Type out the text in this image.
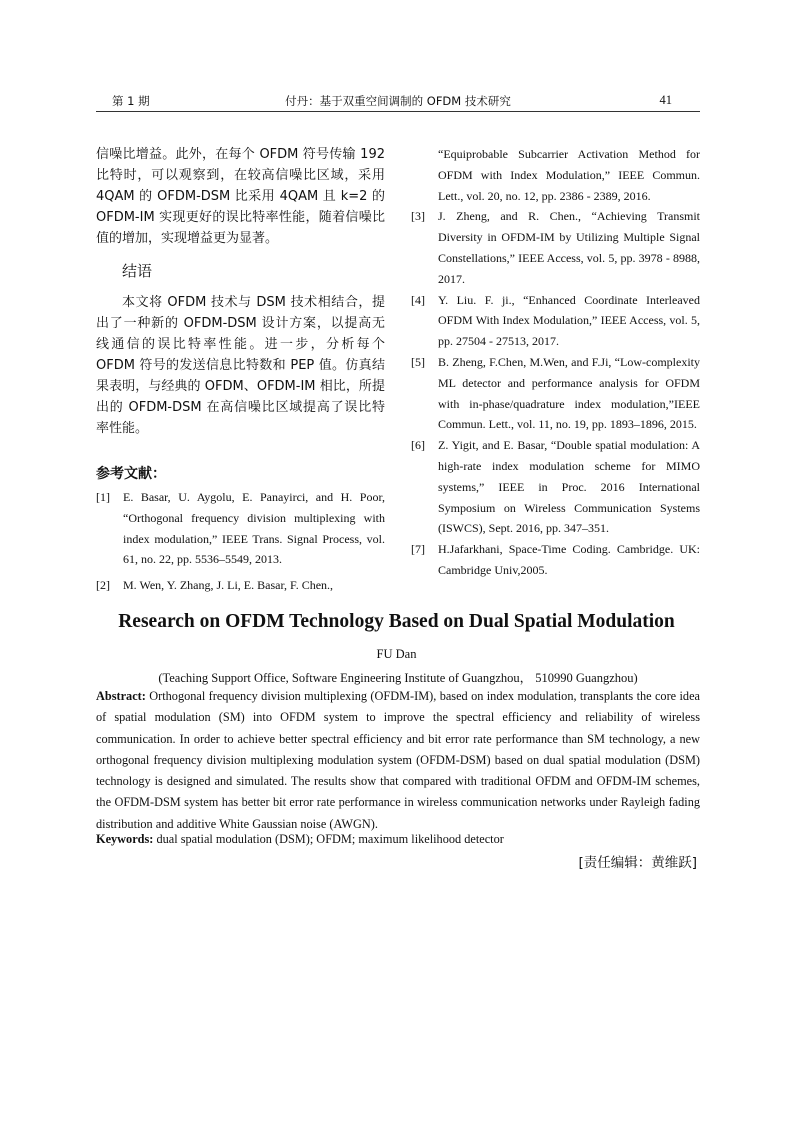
第 1 期	付丹：基于双重空间调制的 OFDM 技术研究	41

信噪比增益。此外，在每个 OFDM 符号传输 192 比特时，可以观察到，在较高信噪比区域，采用 4QAM 的 OFDM-DSM 比采用 4QAM 且 k=2 的 OFDM-IM 实现更好的误比特率性能，随着信噪比值的增加，实现增益更为显著。

结语

本文将 OFDM 技术与 DSM 技术相结合，提出了一种新的 OFDM-DSM 设计方案，以提高无线通信的误比特率性能。进一步，分析每个 OFDM 符号的发送信息比特数和 PEP 值。仿真结果表明，与经典的 OFDM、OFDM-IM 相比，所提出的 OFDM-DSM 在高信噪比区域提高了误比特率性能。

参考文献：

[1] E. Basar, U. Aygolu, E. Panayirci, and H. Poor, “Orthogonal frequency division multiplexing with index modulation,” IEEE Trans. Signal Process, vol. 61, no. 22, pp. 5536–5549, 2013.

[2] M. Wen, Y. Zhang, J. Li, E. Basar, F. Chen.,

“Equiprobable Subcarrier Activation Method for OFDM with Index Modulation,” IEEE Commun. Lett., vol. 20, no. 12, pp. 2386 - 2389, 2016.

[3] J. Zheng, and R. Chen., “Achieving Transmit Diversity in OFDM-IM by Utilizing Multiple Signal Constellations,” IEEE Access, vol. 5, pp. 3978 - 8988, 2017.

[4] Y. Liu. F. ji., “Enhanced Coordinate Interleaved OFDM With Index Modulation,” IEEE Access, vol. 5, pp. 27504 - 27513, 2017.

[5] B. Zheng, F.Chen, M.Wen, and F.Ji, “Low-complexity ML detector and performance analysis for OFDM with in-phase/quadrature index modulation,”IEEE Commun. Lett., vol. 11, no. 19, pp. 1893–1896, 2015.

[6] Z. Yigit, and E. Basar, “Double spatial modulation: A high-rate index modulation scheme for MIMO systems,” IEEE in Proc. 2016 International Symposium on Wireless Communication Systems (ISWCS), Sept. 2016, pp. 347–351.

[7] H.Jafarkhani, Space-Time Coding. Cambridge. UK: Cambridge Univ,2005.

Research on OFDM Technology Based on Dual Spatial Modulation
FU Dan
(Teaching Support Office, Software Engineering Institute of Guangzhou， 510990 Guangzhou)

Abstract: Orthogonal frequency division multiplexing (OFDM-IM), based on index modulation, transplants the core idea of spatial modulation (SM) into OFDM system to improve the spectral efficiency and reliability of wireless communication. In order to achieve better spectral efficiency and bit error rate performance than SM technology, a new orthogonal frequency division multiplexing modulation system (OFDM-DSM) based on dual spatial modulation (DSM) technology is designed and simulated. The results show that compared with traditional OFDM and OFDM-IM schemes, the OFDM-DSM system has better bit error rate performance in wireless communication networks under Rayleigh fading distribution and additive White Gaussian noise (AWGN).

Keywords: dual spatial modulation (DSM); OFDM; maximum likelihood detector
[责任编辑：黄维跃]
